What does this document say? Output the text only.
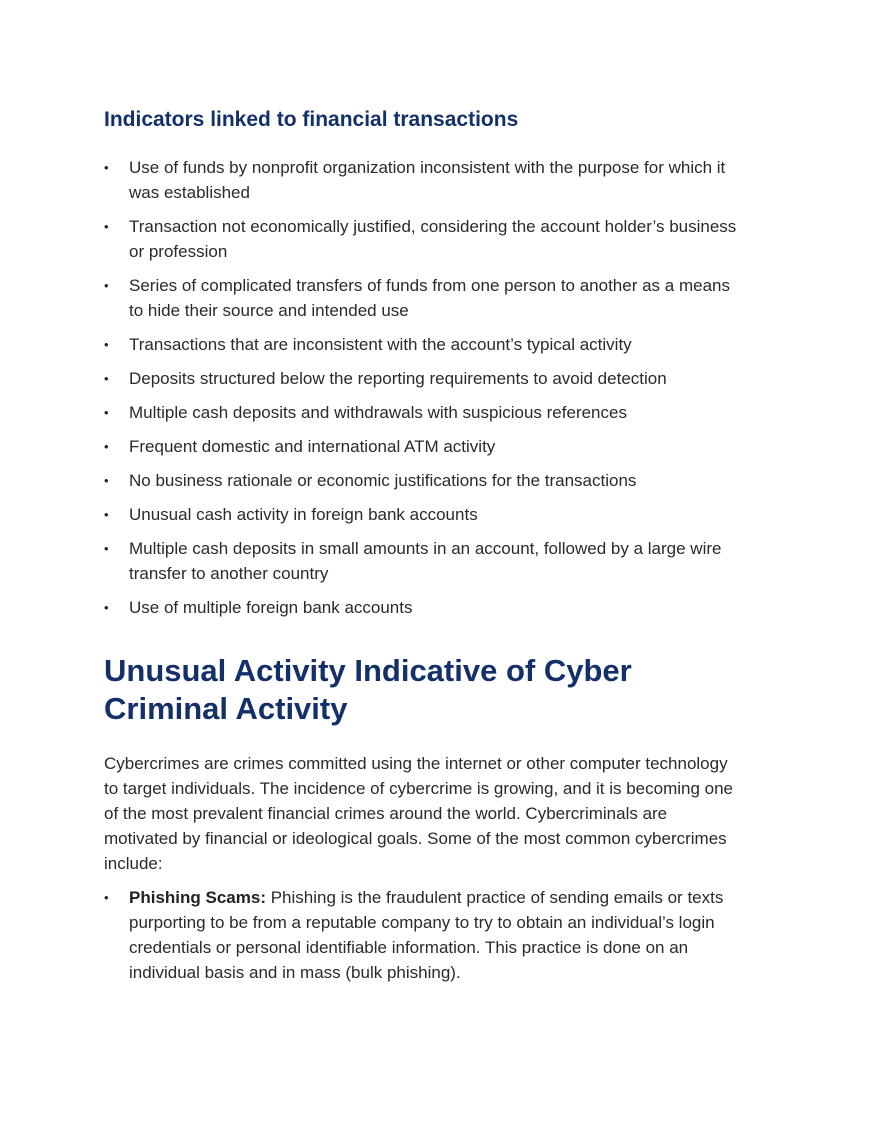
Indicators linked to financial transactions
•	Use of funds by nonprofit organization inconsistent with the purpose for which it was established
•	Transaction not economically justified, considering the account holder’s business or profession
•	Series of complicated transfers of funds from one person to another as a means to hide their source and intended use
•	Transactions that are inconsistent with the account’s typical activity
•	Deposits structured below the reporting requirements to avoid detection
•	Multiple cash deposits and withdrawals with suspicious references
•	Frequent domestic and international ATM activity
•	No business rationale or economic justifications for the transactions
•	Unusual cash activity in foreign bank accounts
•	Multiple cash deposits in small amounts in an account, followed by a large wire transfer to another country
•	Use of multiple foreign bank accounts
Unusual Activity Indicative of Cyber Criminal Activity

Cybercrimes are crimes committed using the internet or other computer technology to target individuals. The incidence of cybercrime is growing, and it is becoming one of the most prevalent financial crimes around the world. Cybercriminals are motivated by financial or ideological goals. Some of the most common cybercrimes include:

•	Phishing Scams: Phishing is the fraudulent practice of sending emails or texts purporting to be from a reputable company to try to obtain an individual’s login credentials or personal identifiable information. This practice is done on an individual basis and in mass (bulk phishing).
